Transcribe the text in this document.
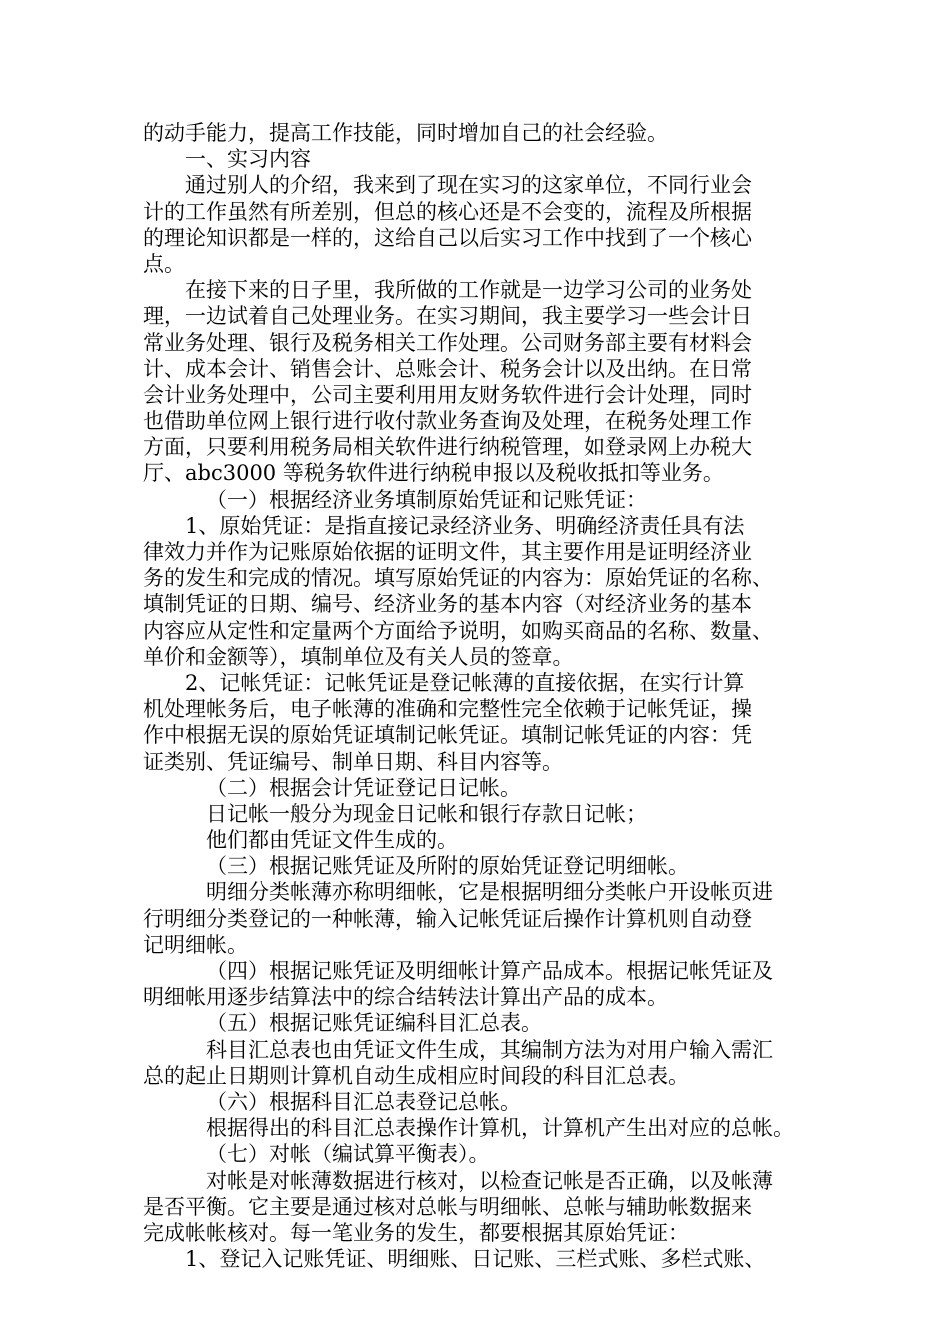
的动手能力，提高工作技能，同时增加自己的社会经验。
一、实习内容
通过别人的介绍，我来到了现在实习的这家单位，不同行业会
计的工作虽然有所差别，但总的核心还是不会变的，流程及所根据
的理论知识都是一样的，这给自己以后实习工作中找到了一个核心
点。
在接下来的日子里，我所做的工作就是一边学习公司的业务处
理，一边试着自己处理业务。在实习期间，我主要学习一些会计日
常业务处理、银行及税务相关工作处理。公司财务部主要有材料会
计、成本会计、销售会计、总账会计、税务会计以及出纳。在日常
会计业务处理中，公司主要利用用友财务软件进行会计处理，同时
也借助单位网上银行进行收付款业务查询及处理，在税务处理工作
方面，只要利用税务局相关软件进行纳税管理，如登录网上办税大
厅、abc3000 等税务软件进行纳税申报以及税收抵扣等业务。
（一）根据经济业务填制原始凭证和记账凭证：
1、原始凭证：是指直接记录经济业务、明确经济责任具有法
律效力并作为记账原始依据的证明文件，其主要作用是证明经济业
务的发生和完成的情况。填写原始凭证的内容为：原始凭证的名称、
填制凭证的日期、编号、经济业务的基本内容（对经济业务的基本
内容应从定性和定量两个方面给予说明，如购买商品的名称、数量、
单价和金额等），填制单位及有关人员的签章。
2、记帐凭证：记帐凭证是登记帐薄的直接依据，在实行计算
机处理帐务后，电子帐薄的准确和完整性完全依赖于记帐凭证，操
作中根据无误的原始凭证填制记帐凭证。填制记帐凭证的内容：凭
证类别、凭证编号、制单日期、科目内容等。
（二）根据会计凭证登记日记帐。
日记帐一般分为现金日记帐和银行存款日记帐；
他们都由凭证文件生成的。
（三）根据记账凭证及所附的原始凭证登记明细帐。
明细分类帐薄亦称明细帐，它是根据明细分类帐户开设帐页进
行明细分类登记的一种帐薄，输入记帐凭证后操作计算机则自动登
记明细帐。
（四）根据记账凭证及明细帐计算产品成本。根据记帐凭证及
明细帐用逐步结算法中的综合结转法计算出产品的成本。
（五）根据记账凭证编科目汇总表。
科目汇总表也由凭证文件生成，其编制方法为对用户输入需汇
总的起止日期则计算机自动生成相应时间段的科目汇总表。
（六）根据科目汇总表登记总帐。
根据得出的科目汇总表操作计算机，计算机产生出对应的总帐。
（七）对帐（编试算平衡表）。
对帐是对帐薄数据进行核对，以检查记帐是否正确，以及帐薄
是否平衡。它主要是通过核对总帐与明细帐、总帐与辅助帐数据来
完成帐帐核对。每一笔业务的发生，都要根据其原始凭证：
1、登记入记账凭证、明细账、日记账、三栏式账、多栏式账、
